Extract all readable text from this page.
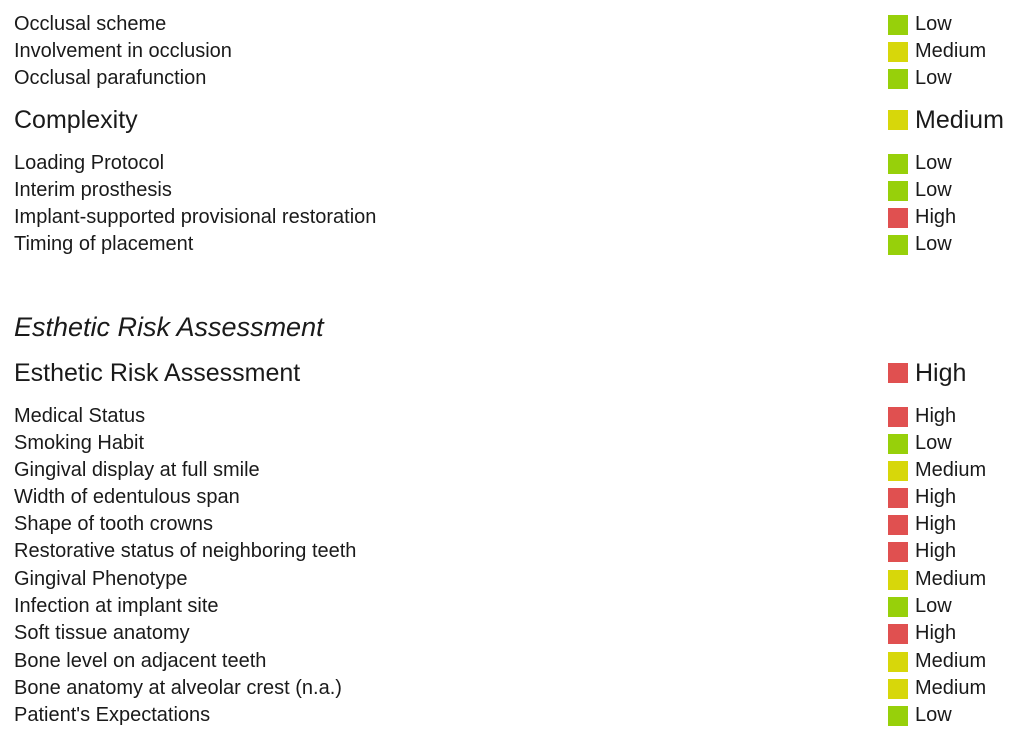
Occlusal scheme	Low
Involvement in occlusion	Medium
Occlusal parafunction	Low
Complexity	Medium
Loading Protocol	Low
Interim prosthesis	Low
Implant-supported provisional restoration	High
Timing of placement	Low
Esthetic Risk Assessment
Esthetic Risk Assessment	High
Medical Status	High
Smoking Habit	Low
Gingival display at full smile	Medium
Width of edentulous span	High
Shape of tooth crowns	High
Restorative status of neighboring teeth	High
Gingival Phenotype	Medium
Infection at implant site	Low
Soft tissue anatomy	High
Bone level on adjacent teeth	Medium
Bone anatomy at alveolar crest (n.a.)	Medium
Patient's Expectations	Low
